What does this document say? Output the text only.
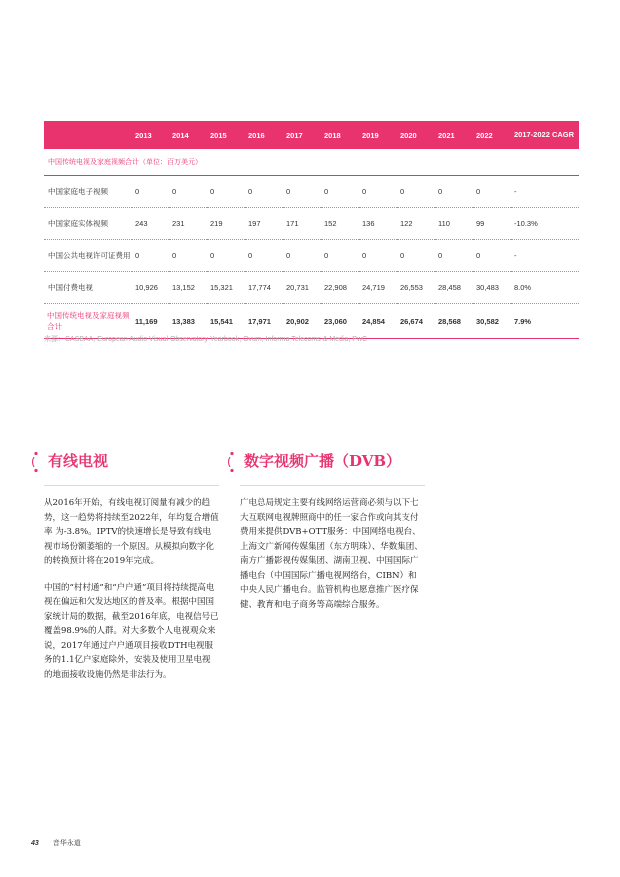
	2013	2014	2015	2016	2017	2018	2019	2020	2021	2022	2017-2022 CAGR
中国传统电视及家庭视频合计（单位：百万美元）											
中国家庭电子视频	0	0	0	0	0	0	0	0	0	0	-
中国家庭实体视频	243	231	219	197	171	152	136	122	110	99	-10.3%
中国公共电视许可证费用	0	0	0	0	0	0	0	0	0	0	-
中国付费电视	10,926	13,152	15,321	17,774	20,731	22,908	24,719	26,553	28,458	30,483	8.0%
中国传统电视及家庭视频合计	11,169	13,383	15,541	17,971	20,902	23,060	24,854	26,674	28,568	30,582	7.9%
来源：CASBAA, European Audio Visual Observatory Yearbook, Ovum, Informa Telecoms & Media, PwC
有线电视

从2016年开始，有线电视订阅量有减少的趋势，这一趋势将持续至2022年，年均复合增值率 为-3.8%。IPTV的快速增长是导致有线电视市场份额萎缩的一个原因。从模拟向数字化的转换预计将在2019年完成。

中国的“村村通”和“户户通”项目将持续提高电视在偏远和欠发达地区的普及率。根据中国国家统计局的数据，截至2016年底，电视信号已覆盖98.9%的人群。对大多数个人电视观众来说，2017年通过户户通项目接收DTH电视服务的1.1亿户家庭除外，安装及使用卫星电视的地面接收设施仍然是非法行为。

数字视频广播（DVB）

广电总局规定主要有线网络运营商必须与以下七大互联网电视牌照商中的任一家合作或向其支付费用来提供DVB+OTT服务：中国网络电视台、上海文广新闻传媒集团（东方明珠）、华数集团、南方广播影视传媒集团、湖南卫视、中国国际广播电台（中国国际广播电视网络台，CIBN）和中央人民广播电台。监管机构也愿意推广医疗保健、教育和电子商务等高端综合服务。

43 音华永道
